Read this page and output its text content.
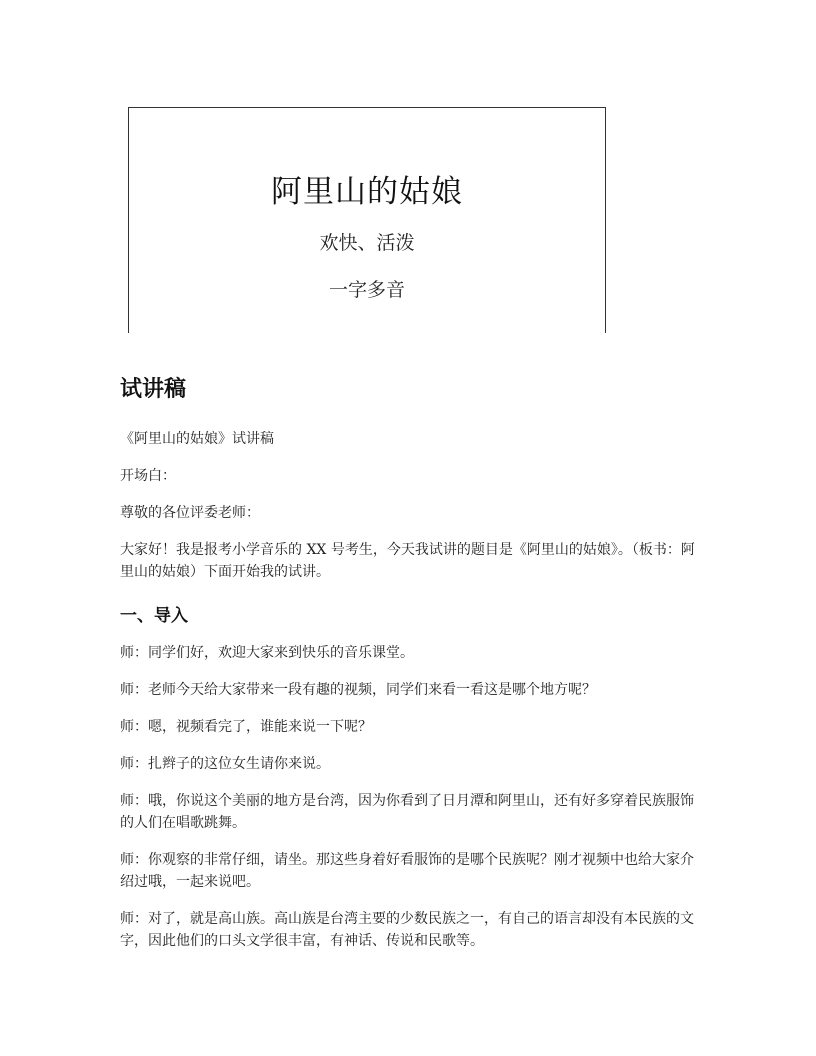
阿里山的姑娘
欢快、活泼
一字多音
试讲稿

《阿里山的姑娘》试讲稿

开场白：

尊敬的各位评委老师：

大家好！我是报考小学音乐的 XX 号考生，今天我试讲的题目是《阿里山的姑娘》。（板书：阿里山的姑娘）下面开始我的试讲。

一、导入

师：同学们好，欢迎大家来到快乐的音乐课堂。

师：老师今天给大家带来一段有趣的视频，同学们来看一看这是哪个地方呢？

师：嗯，视频看完了，谁能来说一下呢？

师：扎辫子的这位女生请你来说。

师：哦，你说这个美丽的地方是台湾，因为你看到了日月潭和阿里山，还有好多穿着民族服饰的人们在唱歌跳舞。

师：你观察的非常仔细，请坐。那这些身着好看服饰的是哪个民族呢？刚才视频中也给大家介绍过哦，一起来说吧。

师：对了，就是高山族。高山族是台湾主要的少数民族之一，有自己的语言却没有本民族的文字，因此他们的口头文学很丰富，有神话、传说和民歌等。
